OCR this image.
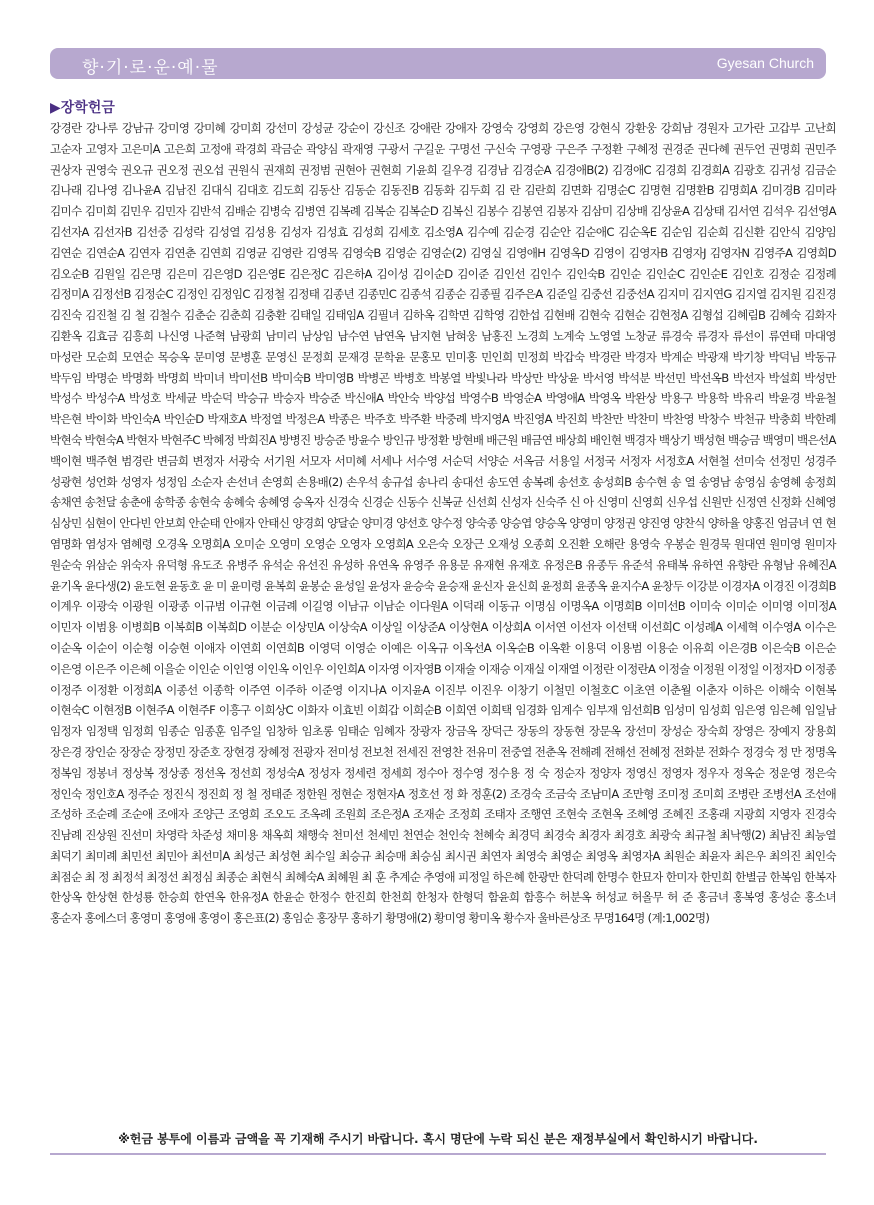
향·기·로·운·예·물	Gyesan Church
▶장학헌금
강경란 강나루 강남규 강미영 강미혜 강미희 강선미 강성균 강순이 강신조 강애란 강애자 강영숙 강영희 강은영 강현식 강환웅 강희남 경원자 고가란 고갑부 고난희 고순자 고영자 고은미A 고은희 고정애 곽경희 곽금순 곽양심 곽재영 구광서 구길운 구명선 구신숙 구영광 구은주 구정환 구혜정 권경준 권다혜 권두언 권명희 권민주 권상자 권영숙 권오규 권오정 권오섭 권원식 권재희 권정범 권현아 권현희 기윤희 길우경 김경남 김경순A 김경애B(2) 김경애C 김경희 김경희A 김광호 김귀성 김금순 김나래 김나영 김나윤A 김남진 김대식 김대호 김도희 김동산 김동순 김동진B 김동화 김두희 김 란 김란희 김면화 김명순C 김명현 김명환B 김명희A 김미경B 김미라 김미수 김미희 김민우 김민자 김반석 김배순 김병숙 김병연 김복례 김복순 김복순D 김복신 김봉수 김봉연 김봉자 김삼미 김상배 김상윤A 김상태 김서연 김석우 김선영A 김선자A 김선자B 김선중 김성락 김성열 김성용 김성자 김성효 김성희 김세호 김소영A 김수예 김순경 김순안 김순애C 김순옥E 김순임 김순희 김신환 김안식 김양임 김연순 김연순A 김연자 김연춘 김연희 김영균 김영란 김영목 김영숙B 김영순 김영순(2) 김영실 김영애H 김영옥D 김영이 김영자B 김영자J 김영자N 김영주A 김영희D 김오순B 김원일 김은명 김은미 김은영D 김은영E 김은정C 김은하A 김이성 김이순D 김이준 김인선 김인수 김인숙B 김인순 김인순C 김인순E 김인호 김정순 김정례 김정미A 김정선B 김정순C 김정인 김정임C 김정철 김정태 김종년 김종민C 김종석 김종순 김종필 김주은A 김준일 김중선 김중선A 김지미 김지연G 김지열 김지원 김진경 김진숙 김진철 김 철 김철수 김춘순 김춘희 김충환 김태일 김태임A 김필녀 김하옥 김학면 김학영 김한섭 김현배 김현숙 김현순 김현정A 김형섭 김혜림B 김혜숙 김화자 김환옥 김효금 김흥희 나신영 나준혁 남광희 남미리 남상임 남수연 남연옥 남지현 남혀웅 남홍진 노경희 노계숙 노영열 노창균 류경숙 류경자 류선이 류연태 마대영 마성란 모순희 모연순 목승옥 문미영 문병훈 문영신 문정희 문재경 문학윤 문홍모 민미홍 민인희 민정희 박갑숙 박경란 박경자 박계순 박광재 박기창 박덕님 박동규 박두임 박명순 박명화 박명희 박미녀 박미선B 박미숙B 박미영B 박병곤 박병호 박봉열 박빛나라 박상만 박상윤 박서영 박석분 박선민 박선옥B 박선자 박설희 박성만 박성수 박성수A 박성호 박세균 박순덕 박승규 박승자 박승준 박신애A 박안숙 박양섭 박영수B 박영순A 박영애A 박영옥 박완상 박용구 박용학 박유리 박윤경 박윤철 박은현 박이화 박인숙A 박인순D 박재호A 박정열 박정은A 박종은 박주호 박주환 박중례 박지영A 박진영A 박진희 박찬만 박찬미 박찬영 박창수 박천규 박충희 박한례 박현숙 박현숙A 박현자 박현주C 박혜정 박희진A 방병진 방승준 방윤수 방인규 방정환 방현배 배근원 배금연 배상희 배인현 백경자 백상기 백성현 백승금 백영미 백은선A 백이현 백주현 범경란 변금희 변정자 서광숙 서기원 서모자 서미혜 서세나 서수영 서순덕 서양순 서옥금 서용일 서정국 서정자 서정호A 서현철 선미숙 선정민 성경주 성광현 성언화 성영자 성정임 소순자 손선녀 손영희 손용배(2) 손우석 송규섭 송나리 송대선 송도연 송복례 송선호 송성희B 송수현 송 열 송영남 송영심 송영혜 송정희 송채연 송천달 송춘애 송학종 송현숙 송혜숙 송혜영 승옥자 신경숙 신경순 신동수 신복균 신선희 신성자 신숙주 신 아 신영미 신영희 신우섭 신원만 신정연 신정화 신혜영 심상민 심현이 안다빈 안보희 안순태 안애자 안태신 양경희 양달순 양미경 양선호 양수정 양숙종 양승엽 양승옥 양영미 양정권 양진영 양찬식 양하율 양홍진 엄금녀 연 현 염명화 염성자 염혜령 오경옥 오명희A 오미순 오영미 오영순 오영자 오영희A 오은숙 오장근 오재성 오종희 오진환 오해란 용영숙 우봉순 원경묵 원대연 원미영 원미자 원순숙 위삼순 위숙자 유덕형 유도조 유병주 유석순 유선진 유성하 유연옥 유영주 유용문 유재현 유재호 유정은B 유종두 유준석 유태복 유하연 유향란 유형남 유혜진A 윤기옥 윤다생(2) 윤도현 윤동호 윤 미 윤미령 윤복희 윤봉순 윤성일 윤성자 윤승숙 윤승재 윤신자 윤신희 윤정희 윤종옥 윤지수A 윤창두 이강분 이경자A 이경진 이경희B 이계우 이광숙 이광원 이광종 이규범 이규현 이금례 이길영 이남규 이남순 이다원A 이덕래 이동규 이명심 이명옥A 이명희B 이미선B 이미숙 이미순 이미영 이미정A 이민자 이범용 이병희B 이복희B 이복희D 이분순 이상민A 이상숙A 이상일 이상준A 이상현A 이상희A 이서연 이선자 이선택 이선희C 이성례A 이세혁 이수영A 이수은 이순옥 이순이 이순형 이승현 이애자 이연희 이연희B 이영덕 이영순 이예은 이옥규 이옥선A 이옥순B 이옥환 이용덕 이용범 이용순 이유희 이은경B 이은숙B 이은순 이은영 이은주 이은혜 이을순 이인순 이인영 이인옥 이인우 이인희A 이자영 이자영B 이재술 이재승 이재실 이재열 이정란 이정란A 이정술 이정원 이정일 이정자D 이정종 이정주 이정환 이정희A 이종선 이종학 이주연 이주하 이준영 이지나A 이지윤A 이진부 이진우 이창기 이철민 이철호C 이초연 이춘월 이춘자 이하은 이해숙 이현복 이현숙C 이현정B 이현주A 이현주F 이흥구 이희상C 이화자 이효빈 이희갑 이희순B 이희연 이희택 임경화 임계수 임부재 임선희B 임성미 임성희 임은영 임은혜 임일남 임정자 임정택 임정희 임종순 임종훈 임주일 임창하 임초롱 임태순 임혜자 장광자 장금옥 장덕근 장동의 장동현 장문옥 장선미 장성순 장숙희 장영은 장예지 장용희 장은경 장인순 장장순 장정민 장준호 장현경 장혜정 전광자 전미성 전보천 전세진 전영찬 전유미 전중열 전춘옥 전해례 전해선 전혜정 전화분 전화수 정경숙 정 만 정명옥 정복임 정봉녀 정상복 정상종 정선옥 정선희 정성숙A 정성자 정세련 정세희 정수아 정수영 정수용 정 숙 정순자 정양자 정영신 정영자 정우자 정옥순 정운영 정은숙 정인숙 정인호A 정주순 정진식 정진희 정 철 정태준 정한원 정현순 정현자A 정호선 정 화 정훈(2) 조경숙 조금숙 조남미A 조만형 조미정 조미희 조병란 조병선A 조선애 조성하 조순례 조순애 조애자 조양근 조영희 조오도 조옥례 조원희 조은정A 조재순 조정희 조태자 조행연 조현숙 조현옥 조혜영 조혜진 조홍래 지광희 지영자 진경숙 진남례 진상원 진선미 차영락 차준성 채미용 채옥희 채행숙 천미선 천세민 천연순 천인숙 천혜숙 최경덕 최경숙 최경자 최경호 최광숙 최규철 최낙행(2) 최남진 최능열 최덕기 최미례 최민선 최민아 최선미A 최성근 최성현 최수일 최승규 최승매 최승심 최시권 최연자 최영숙 최영순 최영옥 최영자A 최원순 최윤자 최은우 최의진 최인숙 최점순 최 정 최정석 최정선 최정심 최종순 최현식 최혜숙A 최혜원 최 훈 추계순 추영애 피정일 하은혜 한광만 한덕례 한명수 한묘자 한미자 한민희 한별금 한복임 한복자 한상옥 한상현 한성룡 한승희 한연옥 한유정A 한윤순 한정수 한진희 한천희 한청자 한형덕 함윤희 함흥수 허분옥 허성교 허올무 허 준 홍금녀 홍복영 홍성순 홍소녀 홍순자 홍에스더 홍영미 홍영애 홍영이 홍은표(2) 홍임순 홍장무 홍하기 황명애(2) 황미영 황미옥 황수자 울바른상조 무명164명 (계:1,002명)
※헌금 봉투에 이름과 금액을 꼭 기재해 주시기 바랍니다. 혹시 명단에 누락 되신 분은 재정부실에서 확인하시기 바랍니다.
